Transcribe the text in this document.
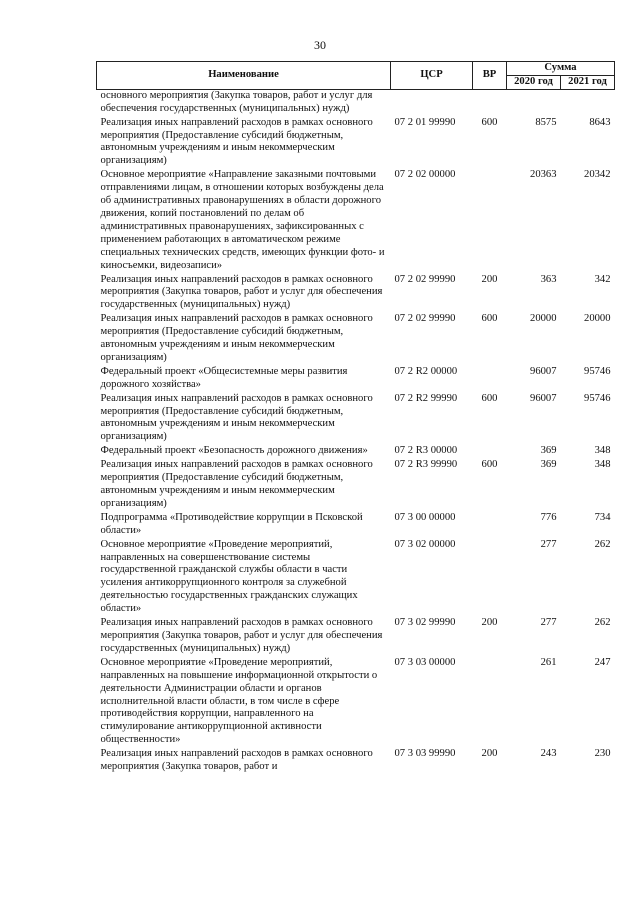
30
Наименование	ЦСР	ВР	Сумма	
			2020 год	2021 год
основного мероприятия (Закупка товаров, работ и услуг для обеспечения государственных (муниципальных) нужд)				
Реализация иных направлений расходов в рамках основного мероприятия (Предоставление субсидий бюджетным, автономным учреждениям и иным некоммерческим организациям)	07 2 01 99990	600	8575	8643
Основное мероприятие «Направление заказными почтовыми отправлениями лицам, в отношении которых возбуждены дела об административных правонарушениях в области дорожного движения, копий постановлений по делам об административных правонарушениях, зафиксированных с применением работающих в автоматическом режиме специальных технических средств, имеющих функции фото- и киносъемки, видеозаписи»	07 2 02 00000		20363	20342
Реализация иных направлений расходов в рамках основного мероприятия (Закупка товаров, работ и услуг для обеспечения государственных (муниципальных) нужд)	07 2 02 99990	200	363	342
Реализация иных направлений расходов в рамках основного мероприятия (Предоставление субсидий бюджетным, автономным учреждениям и иным некоммерческим организациям)	07 2 02 99990	600	20000	20000
Федеральный проект «Общесистемные меры развития дорожного хозяйства»	07 2 R2 00000		96007	95746
Реализация иных направлений расходов в рамках основного мероприятия (Предоставление субсидий бюджетным, автономным учреждениям и иным некоммерческим организациям)	07 2 R2 99990	600	96007	95746
Федеральный проект «Безопасность дорожного движения»	07 2 R3 00000		369	348
Реализация иных направлений расходов в рамках основного мероприятия (Предоставление субсидий бюджетным, автономным учреждениям и иным некоммерческим организациям)	07 2 R3 99990	600	369	348
Подпрограмма «Противодействие коррупции в Псковской области»	07 3 00 00000		776	734
Основное мероприятие «Проведение мероприятий, направленных на совершенствование системы государственной гражданской службы области в части усиления антикоррупционного контроля за служебной деятельностью государственных гражданских служащих области»	07 3 02 00000		277	262
Реализация иных направлений расходов в рамках основного мероприятия (Закупка товаров, работ и услуг для обеспечения государственных (муниципальных) нужд)	07 3 02 99990	200	277	262
Основное мероприятие «Проведение мероприятий, направленных на повышение информационной открытости о деятельности Администрации области и органов исполнительной власти области, в том числе в сфере противодействия коррупции, направленного на стимулирование антикоррупционной активности общественности»	07 3 03 00000		261	247
Реализация иных направлений расходов в рамках основного мероприятия (Закупка товаров, работ и	07 3 03 99990	200	243	230
